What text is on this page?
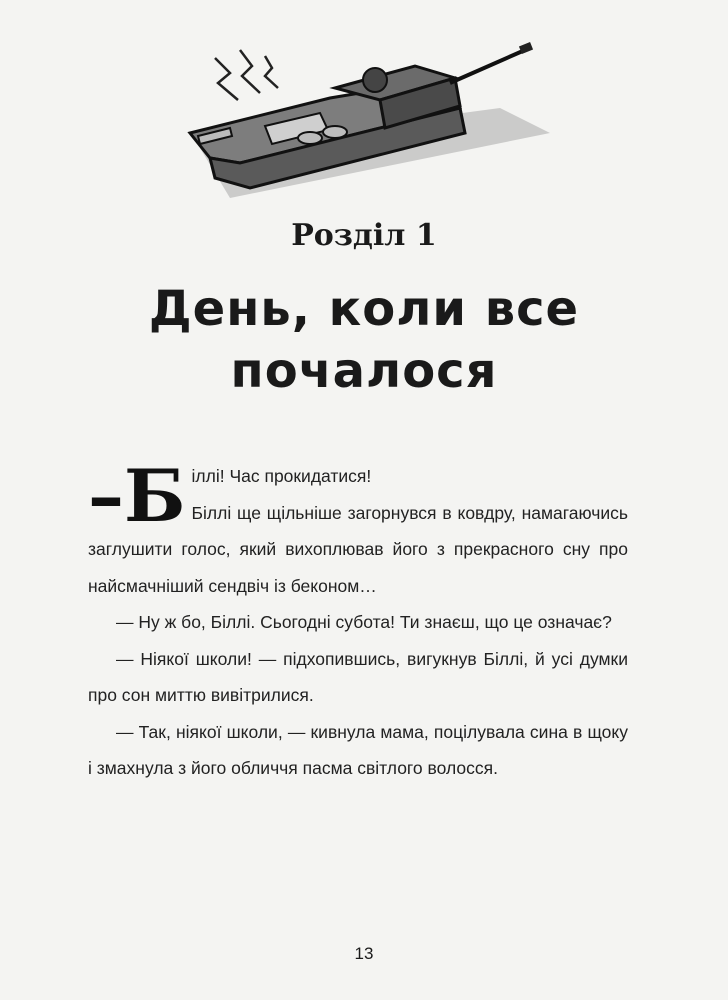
Розділ 1
День, коли все
почалося

–Б іллі! Час прокидатися!

Біллі ще щільніше загорнувся в ковдру, намагаючись заглушити голос, який вихоплював його з прекрасного сну про найсмачніший сендвіч із беконом…

— Ну ж бо, Біллі. Сьогодні субота! Ти знаєш, що це означає?

— Ніякої школи! — підхопившись, вигукнув Біллі, й усі думки про сон миттю вивітрилися.

— Так, ніякої школи, — кивнула мама, поцілувала сина в щоку і змахнула з його обличчя пасма світлого волосся.

13
